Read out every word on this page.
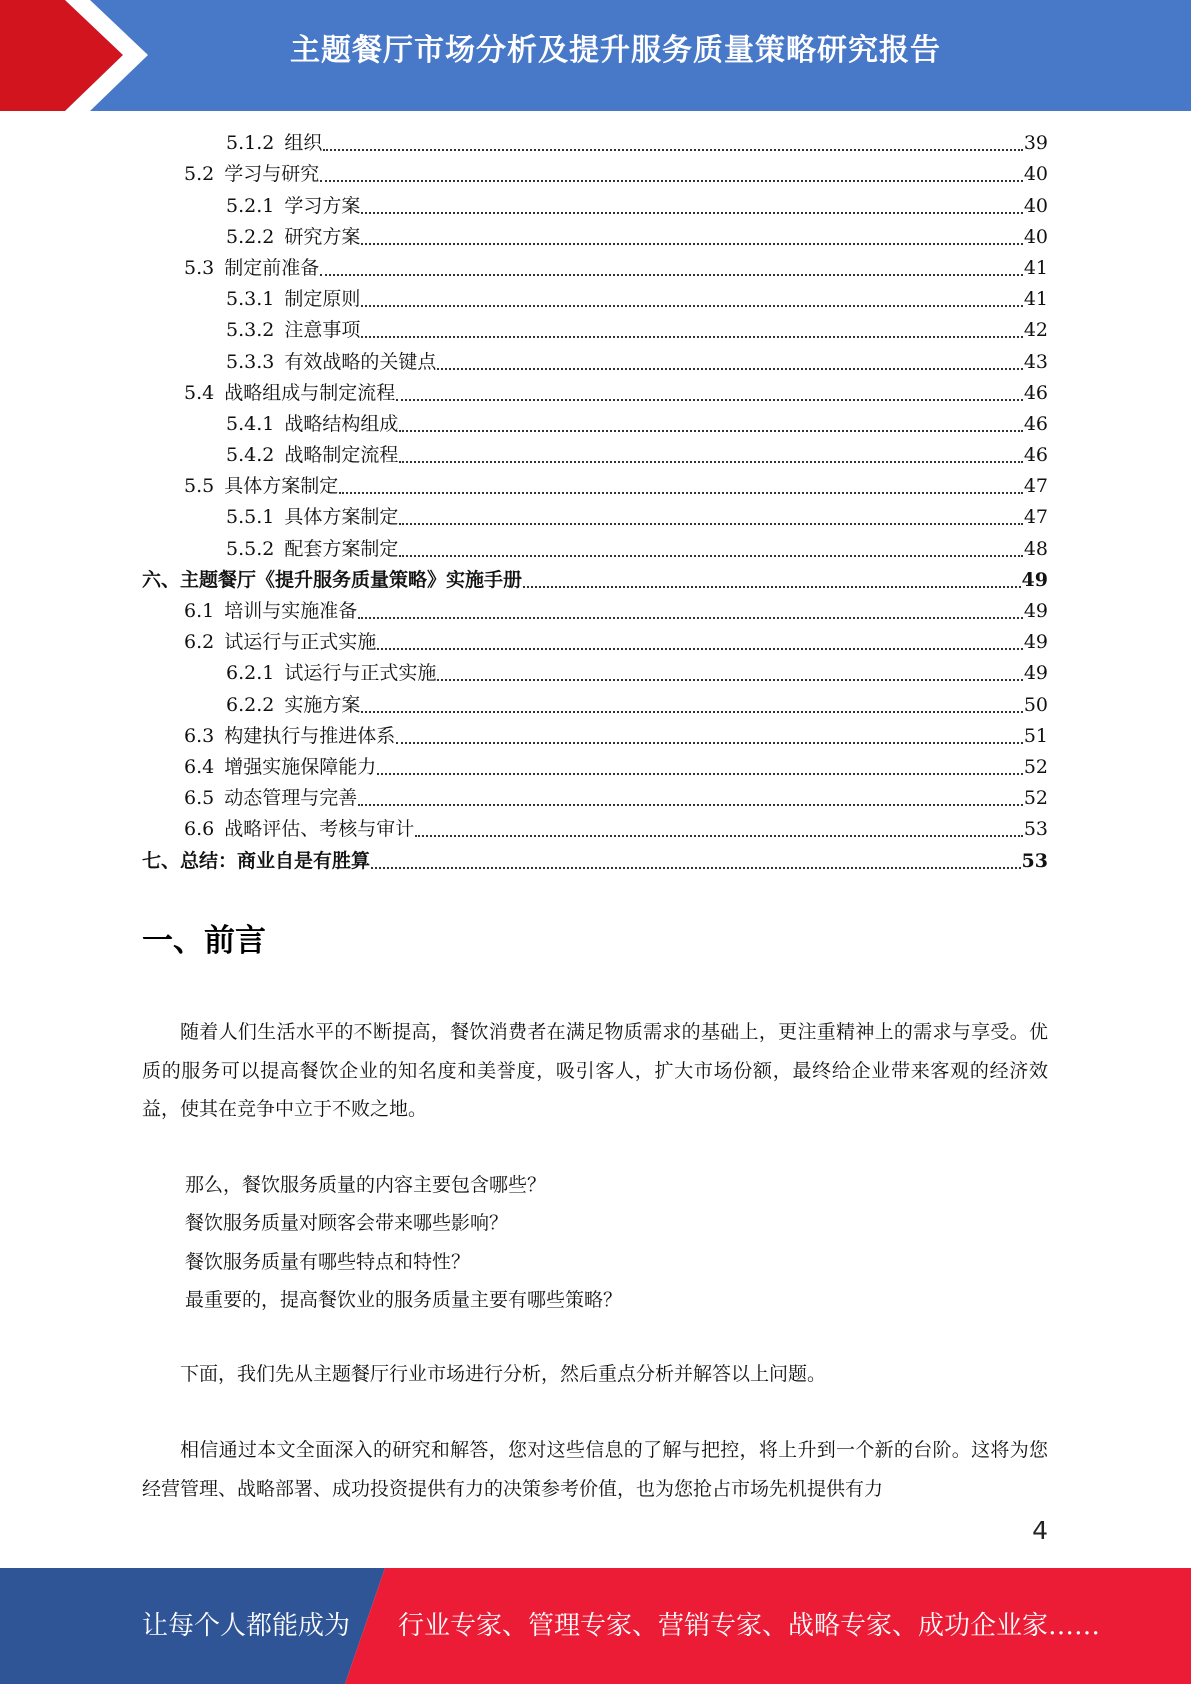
主题餐厅市场分析及提升服务质量策略研究报告
5.1.2 组织	39
5.2 学习与研究	40
5.2.1 学习方案	40
5.2.2 研究方案	40
5.3 制定前准备	41
5.3.1 制定原则	41
5.3.2 注意事项	42
5.3.3 有效战略的关键点	43
5.4 战略组成与制定流程	46
5.4.1 战略结构组成	46
5.4.2 战略制定流程	46
5.5 具体方案制定	47
5.5.1 具体方案制定	47
5.5.2 配套方案制定	48
六、主题餐厅《提升服务质量策略》实施手册	49
6.1 培训与实施准备	49
6.2 试运行与正式实施	49
6.2.1 试运行与正式实施	49
6.2.2 实施方案	50
6.3 构建执行与推进体系	51
6.4 增强实施保障能力	52
6.5 动态管理与完善	52
6.6 战略评估、考核与审计	53
七、总结：商业自是有胜算	53
一、前言

随着人们生活水平的不断提高，餐饮消费者在满足物质需求的基础上，更注重精神上的需求与享受。优质的服务可以提高餐饮企业的知名度和美誉度，吸引客人，扩大市场份额，最终给企业带来客观的经济效益，使其在竞争中立于不败之地。

那么，餐饮服务质量的内容主要包含哪些？
餐饮服务质量对顾客会带来哪些影响？
餐饮服务质量有哪些特点和特性？
最重要的，提高餐饮业的服务质量主要有哪些策略？

下面，我们先从主题餐厅行业市场进行分析，然后重点分析并解答以上问题。

相信通过本文全面深入的研究和解答，您对这些信息的了解与把控，将上升到一个新的台阶。这将为您经营管理、战略部署、成功投资提供有力的决策参考价值，也为您抢占市场先机提供有力

4
让每个人都能成为 行业专家、管理专家、营销专家、战略专家、成功企业家……
